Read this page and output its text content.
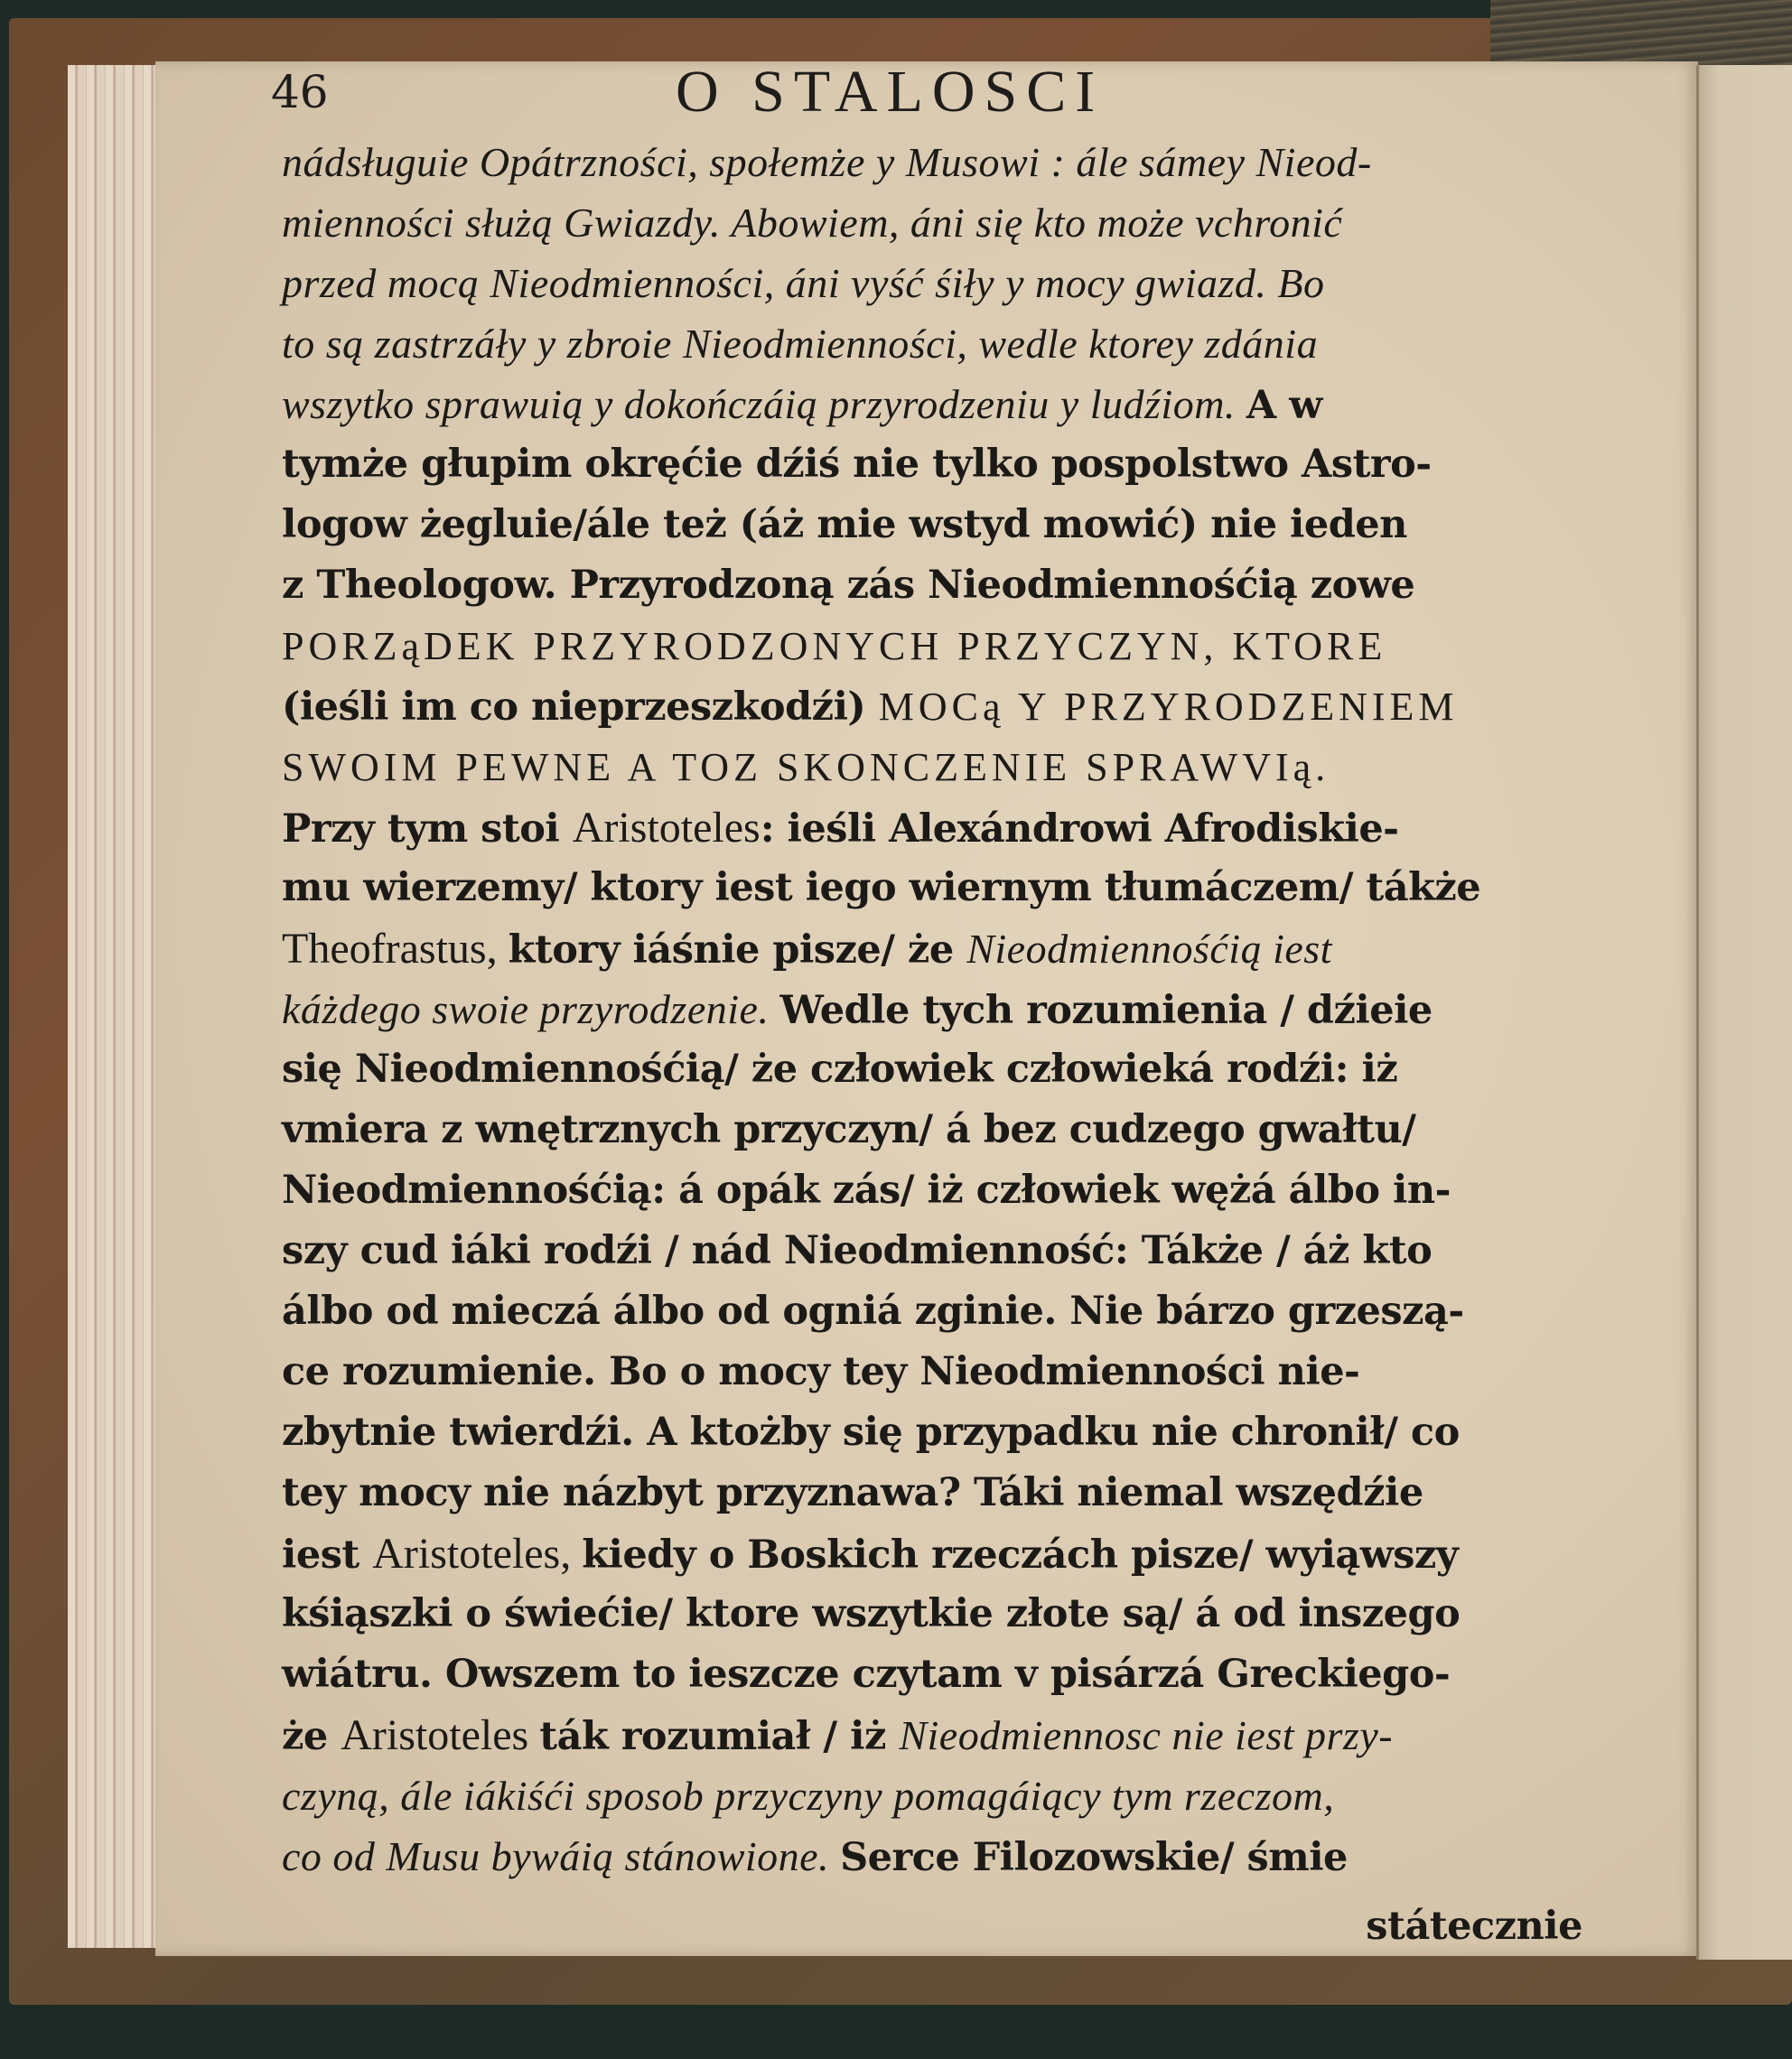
46	O STALOSCI
nádsługuie Opátrzności, społemże y Musowi : ále sámey Nieod-
mienności służą Gwiazdy. Abowiem, áni się kto może vchronić
przed mocą Nieodmienności, áni vyść śiły y mocy gwiazd. Bo
to są zastrzáły y zbroie Nieodmienności, wedle ktorey zdánia
wszytko sprawuią y dokończáią przyrodzeniu y ludźiom. A w
tymże głupim okręćie dźiś nie tylko pospolstwo Astro-
logow żegluie/ále też (áż mie wstyd mowić) nie ieden
z Theologow. Przyrodzoną zás Nieodmiennośćią zowe
PORZąDEK PRZYRODZONYCH PRZYCZYN, KTORE
(ieśli im co nieprzeszkodźi) MOCą Y PRZYRODZENIEM
SWOIM PEWNE A TOZ SKONCZENIE SPRAWVIą.
Przy tym stoi Aristoteles: ieśli Alexándrowi Afrodiskie-
mu wierzemy/ ktory iest iego wiernym tłumáczem/ tákże
Theofrastus, ktory iáśnie pisze/ że Nieodmiennośćią iest
káżdego swoie przyrodzenie. Wedle tych rozumienia / dźieie
się Nieodmiennośćią/ że człowiek człowieká rodźi: iż
vmiera z wnętrznych przyczyn/ á bez cudzego gwałtu/
Nieodmiennośćią: á opák zás/ iż człowiek wężá álbo in-
szy cud iáki rodźi / nád Nieodmienność: Tákże / áż kto
álbo od mieczá álbo od ogniá zginie. Nie bárzo grzeszą-
ce rozumienie. Bo o mocy tey Nieodmienności nie-
zbytnie twierdźi. A ktożby się przypadku nie chronił/ co
tey mocy nie názbyt przyznawa? Táki niemal wszędźie
iest Aristoteles, kiedy o Boskich rzeczách pisze/ wyiąwszy
kśiąszki o świećie/ ktore wszytkie złote są/ á od inszego
wiátru. Owszem to ieszcze czytam v pisárzá Greckiego-
że Aristoteles ták rozumiał / iż Nieodmiennosc nie iest przy-
czyną, ále iákiśći sposob przyczyny pomagáiący tym rzeczom,
co od Musu bywáią stánowione. Serce Filozowskie/ śmie
státecznie
